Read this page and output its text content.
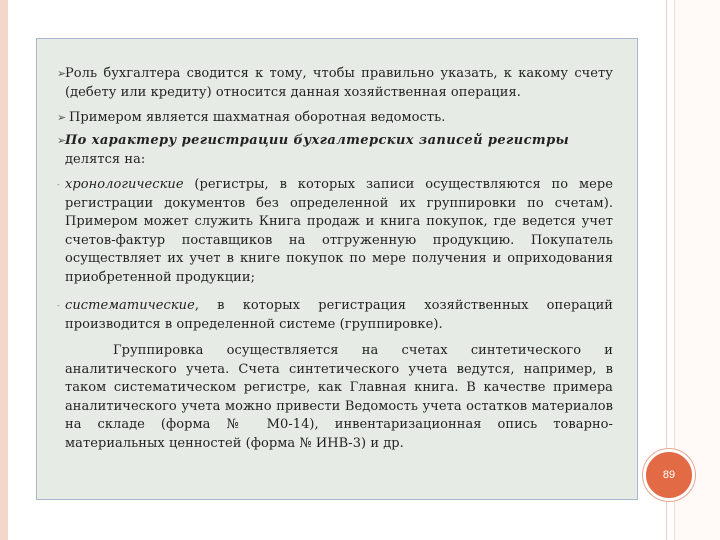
➢
Роль бухгалтера сводится к тому, чтобы правильно указать, к какому счету (дебету или кредиту) относится данная хозяйственная операция.
➢ Примером является шахматная оборотная ведомость.
➢
По характеру регистрации бухгалтерских записей регистры
делятся на:
- хронологические (регистры, в которых записи осуществляются по мере регистрации документов без определенной их группировки по счетам). Примером может служить Книга продаж и книга покупок, где ведется учет счетов-фактур поставщиков на отгруженную продукцию. Покупатель осуществляет их учет в книге покупок по мере получения и оприходования приобретенной продукции;
- систематические, в которых регистрация хозяйственных операций производится в определенной системе (группировке).
Группировка осуществляется на счетах синтетического и аналитического учета. Счета синтетического учета ведутся, например, в таком систематическом регистре, как Главная книга. В качестве примера аналитического учета можно привести Ведомость учета остатков материалов на складе (форма № М0-14), инвентаризационная опись товарно-материальных ценностей (форма № ИНВ-3) и др.
89
